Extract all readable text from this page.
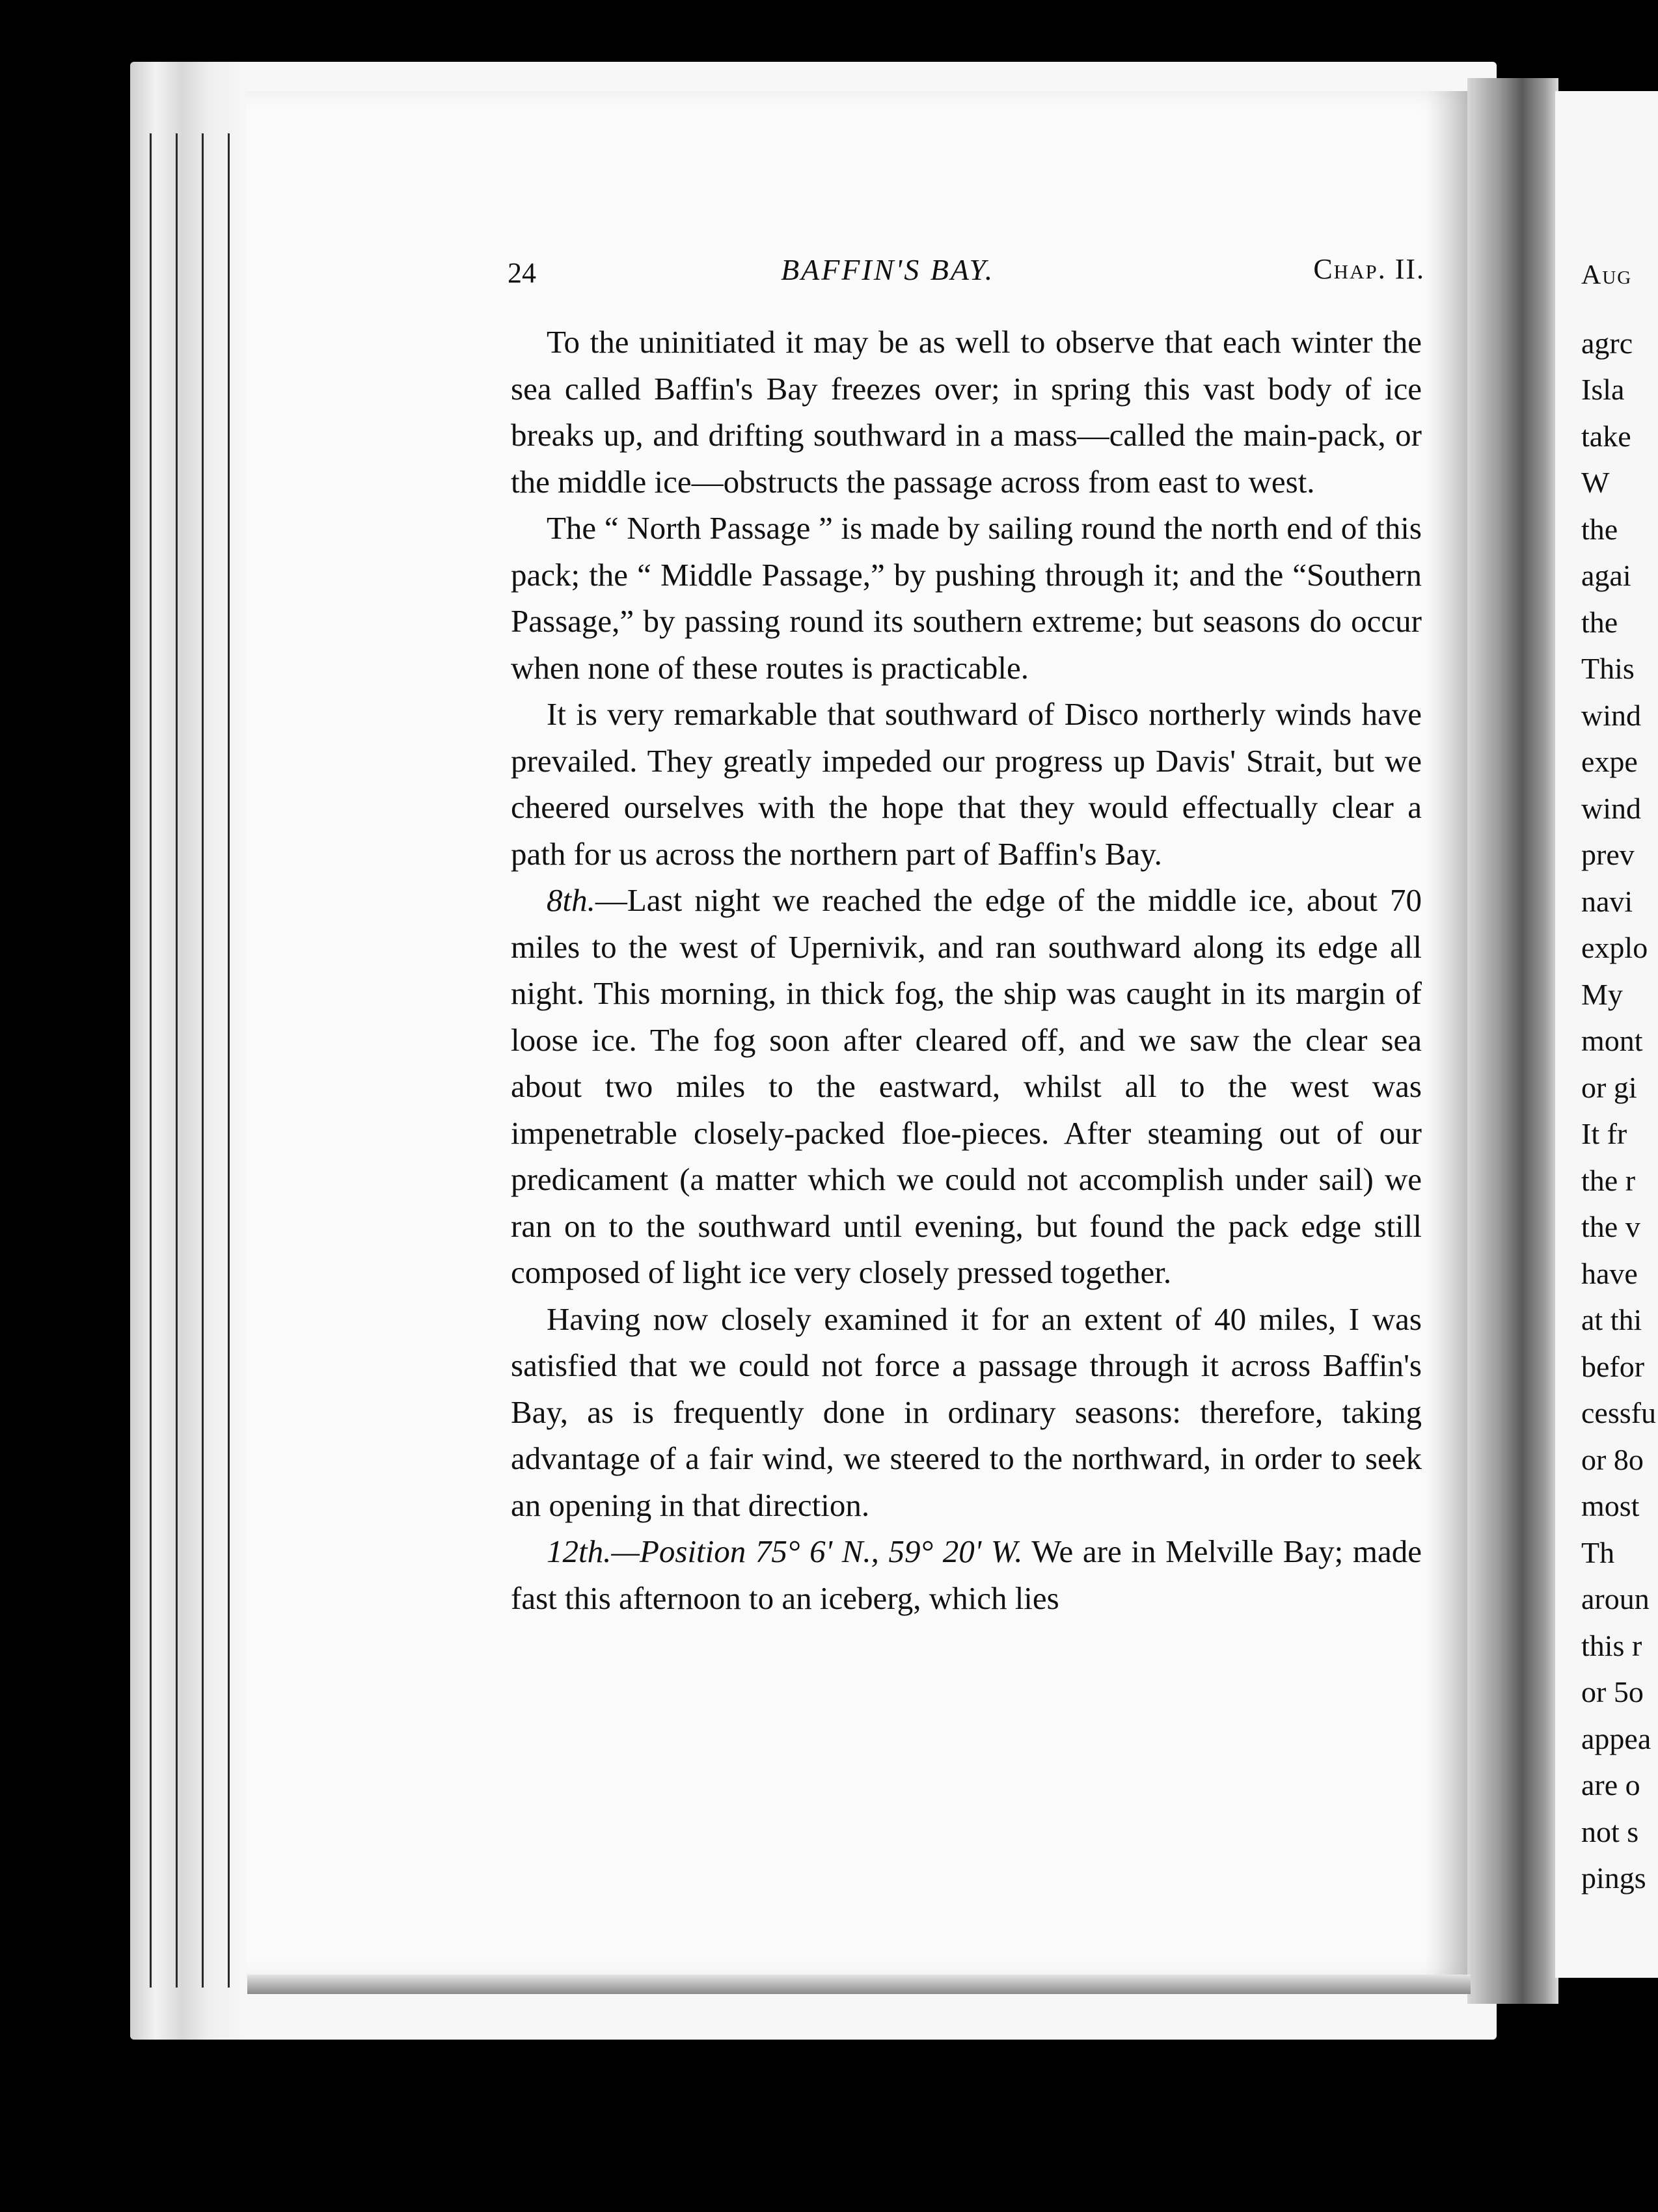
24	BAFFIN'S BAY.	Chap. II.

To the uninitiated it may be as well to observe that each winter the sea called Baffin's Bay freezes over; in spring this vast body of ice breaks up, and drifting southward in a mass—called the main-pack, or the middle ice—obstructs the passage across from east to west.

The “ North Passage ” is made by sailing round the north end of this pack; the “ Middle Passage,” by pushing through it; and the “Southern Passage,” by passing round its southern extreme; but seasons do occur when none of these routes is practicable.

It is very remarkable that southward of Disco northerly winds have prevailed. They greatly impeded our progress up Davis' Strait, but we cheered ourselves with the hope that they would effectually clear a path for us across the northern part of Baffin's Bay.

8th.—Last night we reached the edge of the middle ice, about 70 miles to the west of Upernivik, and ran southward along its edge all night. This morning, in thick fog, the ship was caught in its margin of loose ice. The fog soon after cleared off, and we saw the clear sea about two miles to the eastward, whilst all to the west was impenetrable closely-packed floe-pieces. After steaming out of our predicament (a matter which we could not accomplish under sail) we ran on to the southward until evening, but found the pack edge still composed of light ice very closely pressed together.

Having now closely examined it for an extent of 40 miles, I was satisfied that we could not force a passage through it across Baffin's Bay, as is frequently done in ordinary seasons: therefore, taking advantage of a fair wind, we steered to the northward, in order to seek an opening in that direction.

12th.—Position 75° 6' N., 59° 20' W. We are in Melville Bay; made fast this afternoon to an iceberg, which lies

Aug
agrc
Isla
take
W
the
agai
the
This
wind
expe
wind
prev
navi
explo
My
mont
or gi
It fr
the r
the v
have
at thi
befor
cessfu
or 8o
most
Th
aroun
this r
or 5o
appea
are o
not s
pings
